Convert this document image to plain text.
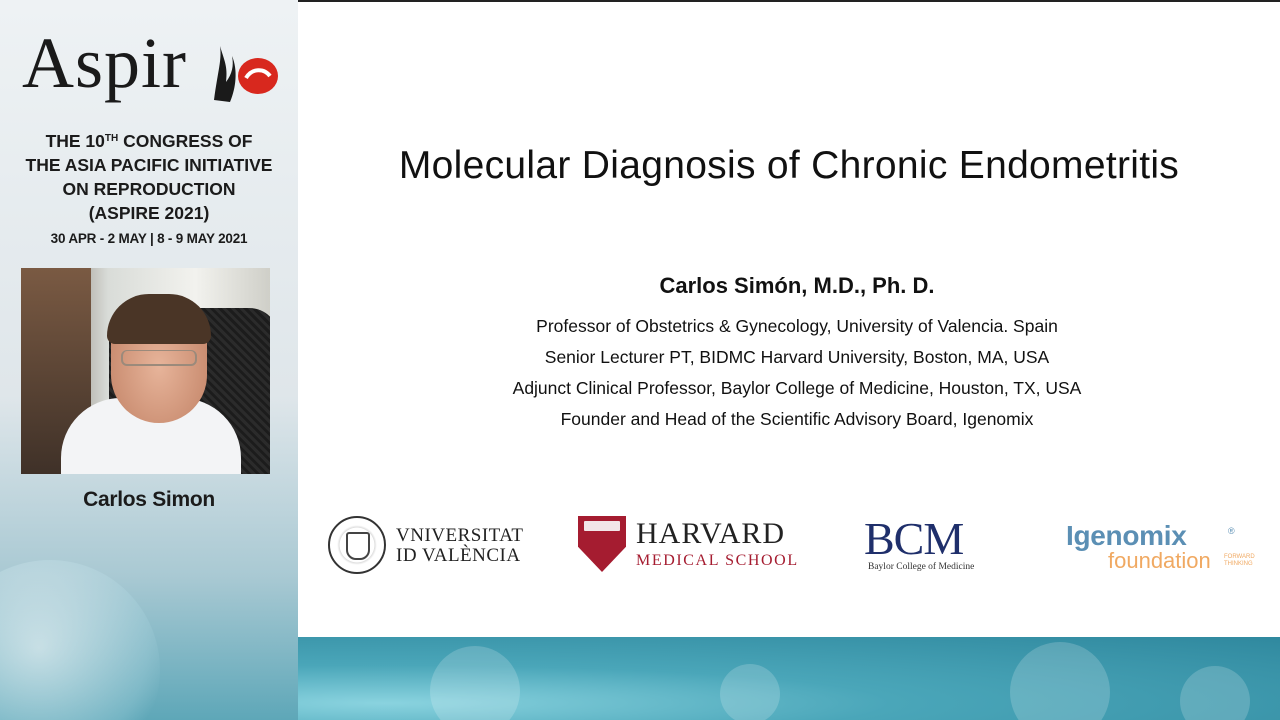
Aspir
THE 10TH CONGRESS OF
THE ASIA PACIFIC INITIATIVE
ON REPRODUCTION
(ASPIRE 2021)
30 APR - 2 MAY | 8 - 9 MAY 2021
Carlos Simon
Molecular Diagnosis of Chronic Endometritis
Carlos Simón, M.D., Ph. D.
Professor of Obstetrics & Gynecology, University of Valencia. Spain
Senior Lecturer PT, BIDMC Harvard University, Boston, MA, USA
Adjunct Clinical Professor, Baylor College of Medicine, Houston, TX, USA
Founder and Head of the Scientific Advisory Board, Igenomix
VNIVERSITAT
ID VALÈNCIA
HARVARD
MEDICAL SCHOOL BCM
Baylor College of Medicine
Igenomix	®
foundation FORWARD
THINKING
